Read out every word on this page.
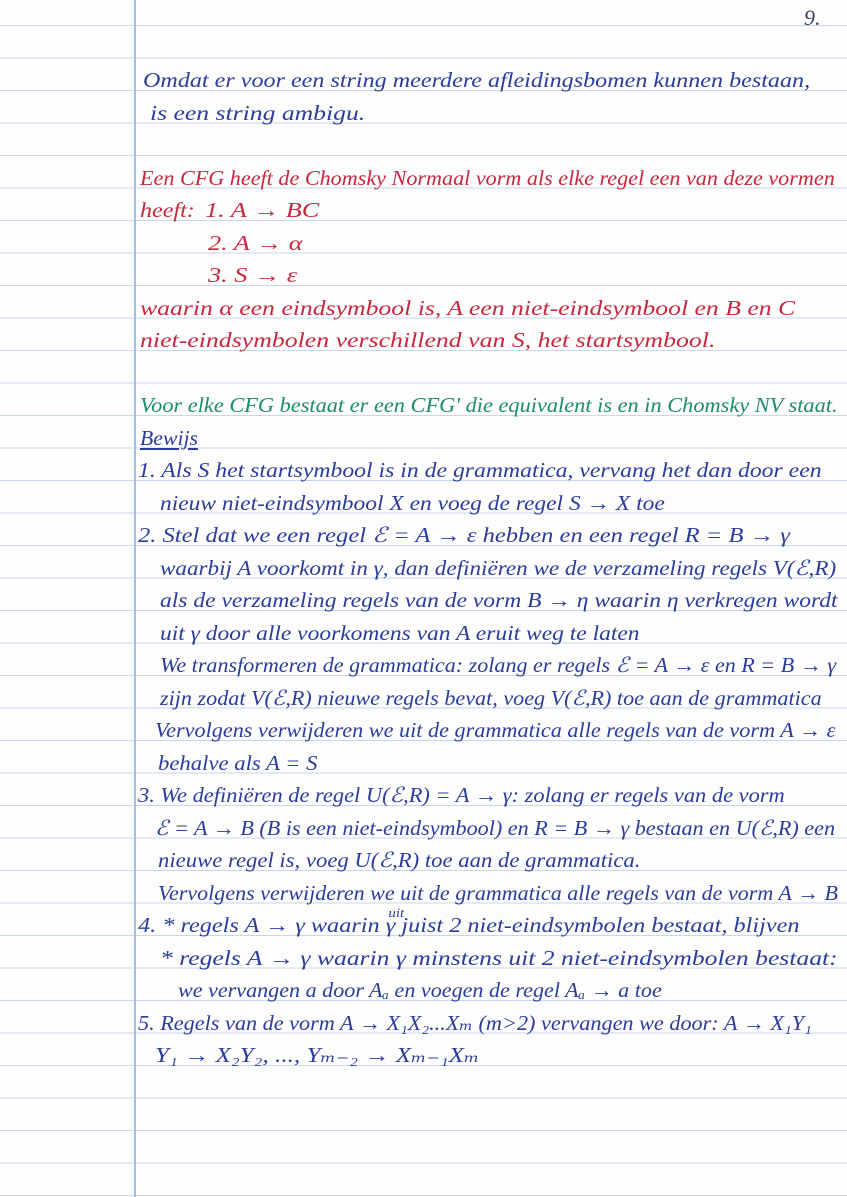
9.
Omdat er voor een string meerdere afleidingsbomen kunnen bestaan,
is een string ambigu.
Een CFG heeft de Chomsky Normaal vorm als elke regel een van deze vormen
heeft: 1. A → BC
2. A → α
3. S → ε
waarin α een eindsymbool is, A een niet-eindsymbool en B en C
niet-eindsymbolen verschillend van S, het startsymbool.
Voor elke CFG bestaat er een CFG' die equivalent is en in Chomsky NV staat.
Bewijs
1. Als S het startsymbool is in de grammatica, vervang het dan door een
nieuw niet-eindsymbool X en voeg de regel S → X toe
2. Stel dat we een regel ℰ = A → ε hebben en een regel R = B → γ
waarbij A voorkomt in γ, dan definiëren we de verzameling regels V(ℰ,R)
als de verzameling regels van de vorm B → η waarin η verkregen wordt
uit γ door alle voorkomens van A eruit weg te laten
We transformeren de grammatica: zolang er regels ℰ = A → ε en R = B → γ
zijn zodat V(ℰ,R) nieuwe regels bevat, voeg V(ℰ,R) toe aan de grammatica
Vervolgens verwijderen we uit de grammatica alle regels van de vorm A → ε
behalve als A = S
3. We definiëren de regel U(ℰ,R) = A → γ: zolang er regels van de vorm
ℰ = A → B (B is een niet-eindsymbool) en R = B → γ bestaan en U(ℰ,R) een
nieuwe regel is, voeg U(ℰ,R) toe aan de grammatica.
Vervolgens verwijderen we uit de grammatica alle regels van de vorm A → B
4. * regels A → γ waarin γuit juist 2 niet-eindsymbolen bestaat, blijven
* regels A → γ waarin γ minstens uit 2 niet-eindsymbolen bestaat:
we vervangen a door Aₐ en voegen de regel Aₐ → a toe
5. Regels van de vorm A → X₁X₂...Xₘ (m>2) vervangen we door: A → X₁Y₁
Y₁ → X₂Y₂, ..., Yₘ₋₂ → Xₘ₋₁Xₘ
